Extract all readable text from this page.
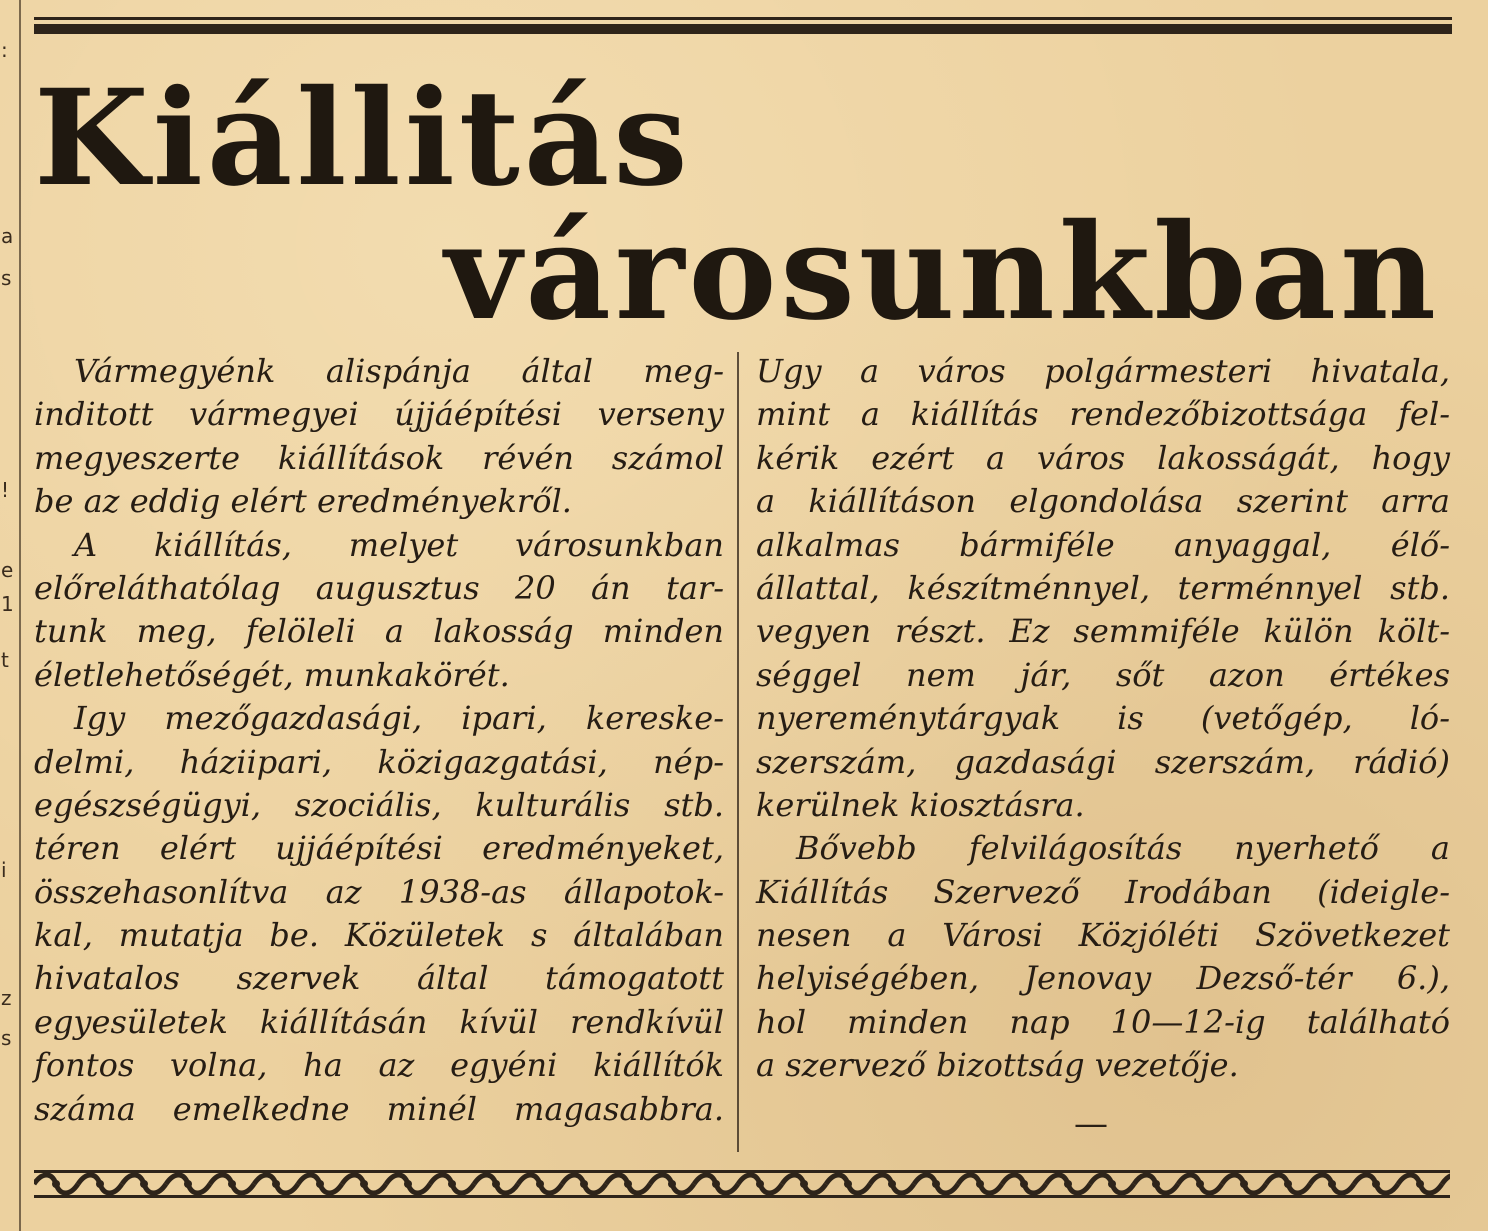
:
a
s
!
e
1
t
i
z
s
Kiállitás
városunkban
Vármegyénk alispánja által meg-
inditott vármegyei újjáépítési verseny
megyeszerte kiállítások révén számol
be az eddig elért eredményekről.
A kiállítás, melyet városunkban
előreláthatólag augusztus 20 án tar-
tunk meg, felöleli a lakosság minden
életlehetőségét, munkakörét.
Igy mezőgazdasági, ipari, kereske-
delmi, háziipari, közigazgatási, nép-
egészségügyi, szociális, kulturális stb.
téren elért ujjáépítési eredményeket,
összehasonlítva az 1938-as állapotok-
kal, mutatja be. Közületek s általában
hivatalos szervek által támogatott
egyesületek kiállításán kívül rendkívül
fontos volna, ha az egyéni kiállítók
száma emelkedne minél magasabbra.
Ugy a város polgármesteri hivatala,
mint a kiállítás rendezőbizottsága fel-
kérik ezért a város lakosságát, hogy
a kiállításon elgondolása szerint arra
alkalmas bármiféle anyaggal, élő-
állattal, készítménnyel, terménnyel stb.
vegyen részt. Ez semmiféle külön költ-
séggel nem jár, sőt azon értékes
nyereménytárgyak is (vetőgép, ló-
szerszám, gazdasági szerszám, rádió)
kerülnek kiosztásra.
Bővebb felvilágosítás nyerhető a
Kiállítás Szervező Irodában (ideigle-
nesen a Városi Közjóléti Szövetkezet
helyiségében, Jenovay Dezső-tér 6.),
hol minden nap 10—12-ig található
a szervező bizottság vezetője.
—
